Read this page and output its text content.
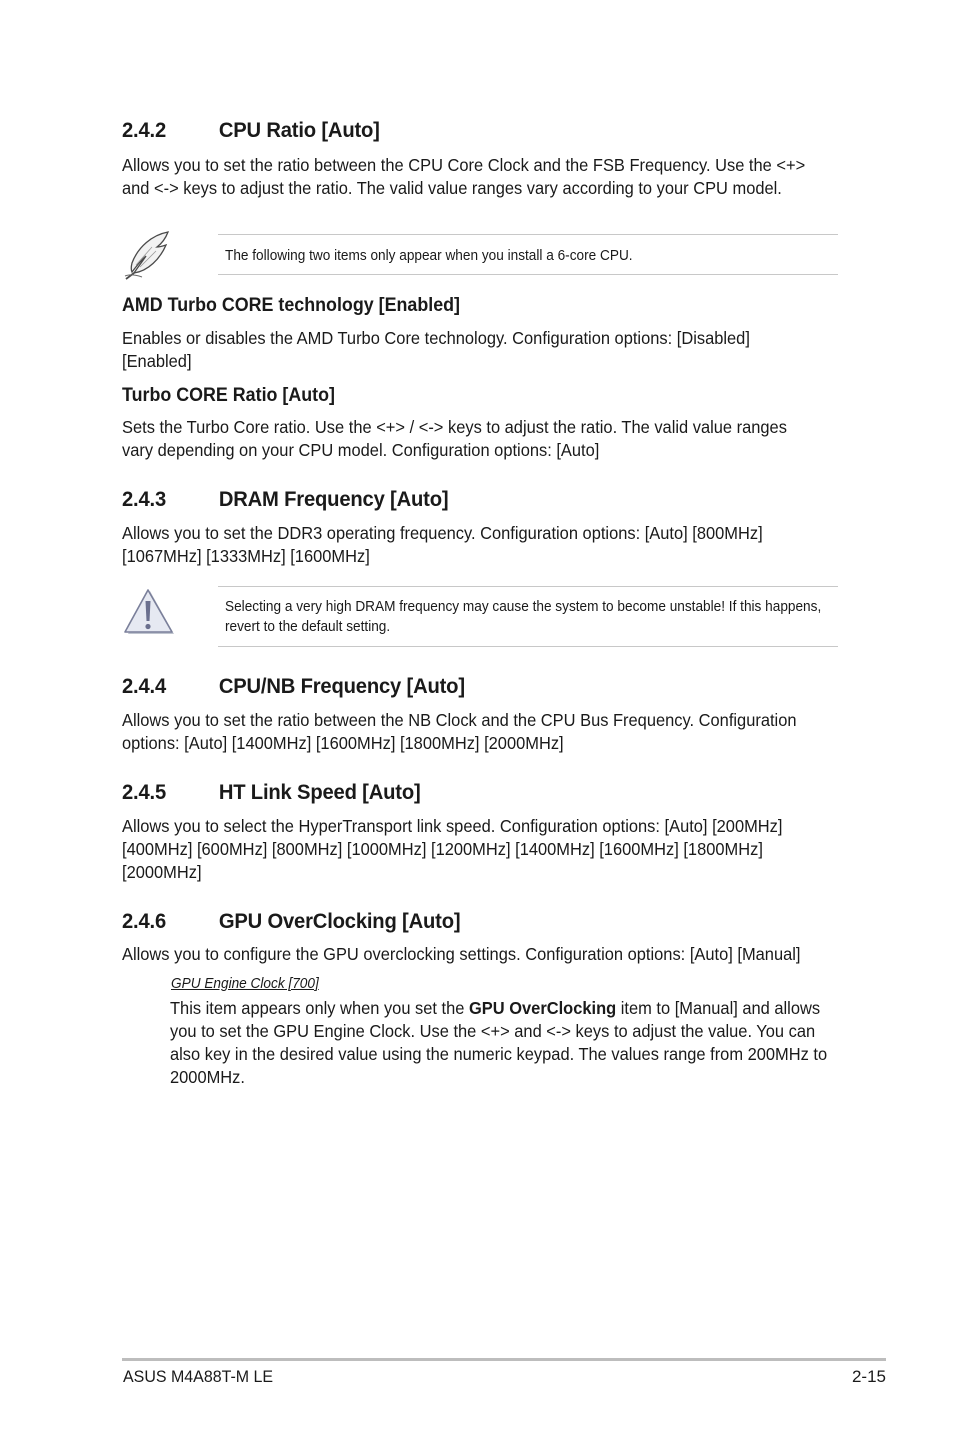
2.4.2 CPU Ratio [Auto]
Allows you to set the ratio between the CPU Core Clock and the FSB Frequency. Use the <+> and <-> keys to adjust the ratio. The valid value ranges vary according to your CPU model.
The following two items only appear when you install a 6-core CPU.
AMD Turbo CORE technology [Enabled]
Enables or disables the AMD Turbo Core technology. Configuration options: [Disabled] [Enabled]
Turbo CORE Ratio [Auto]
Sets the Turbo Core ratio. Use the <+> / <-> keys to adjust the ratio. The valid value ranges vary depending on your CPU model. Configuration options: [Auto]
2.4.3 DRAM Frequency [Auto]
Allows you to set the DDR3 operating frequency. Configuration options: [Auto] [800MHz] [1067MHz] [1333MHz] [1600MHz]
Selecting a very high DRAM frequency may cause the system to become unstable! If this happens, revert to the default setting.
2.4.4 CPU/NB Frequency [Auto]
Allows you to set the ratio between the NB Clock and the CPU Bus Frequency. Configuration options: [Auto] [1400MHz] [1600MHz] [1800MHz] [2000MHz]
2.4.5 HT Link Speed [Auto]
Allows you to select the HyperTransport link speed. Configuration options: [Auto] [200MHz] [400MHz] [600MHz] [800MHz] [1000MHz] [1200MHz] [1400MHz] [1600MHz] [1800MHz] [2000MHz]
2.4.6 GPU OverClocking [Auto]
Allows you to configure the GPU overclocking settings. Configuration options: [Auto] [Manual]
GPU Engine Clock [700]
This item appears only when you set the GPU OverClocking item to [Manual] and allows you to set the GPU Engine Clock. Use the <+> and <-> keys to adjust the value. You can also key in the desired value using the numeric keypad. The values range from 200MHz to 2000MHz.
ASUS M4A88T-M LE	2-15
